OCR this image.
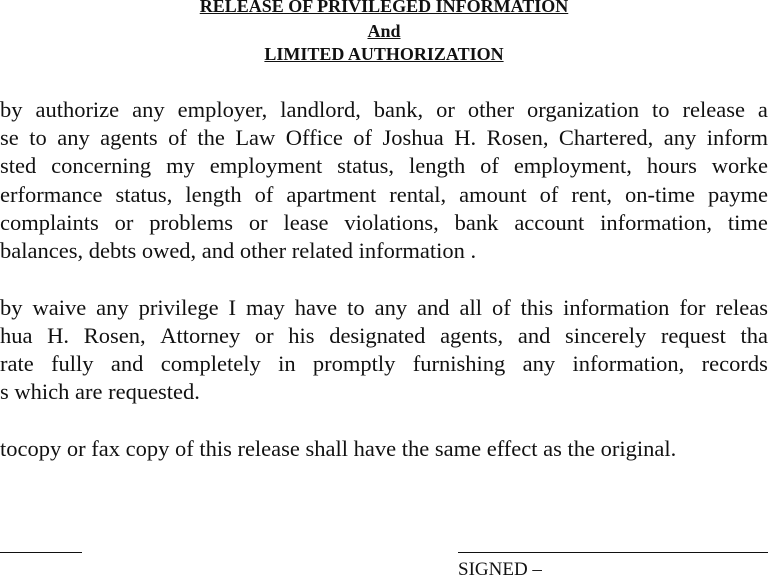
RELEASE OF PRIVILEGED INFORMATION
And
LIMITED AUTHORIZATION
by authorize any employer, landlord, bank, or other organization to release a
se to any agents of the Law Office of Joshua H. Rosen, Chartered, any inform
sted concerning my employment status, length of employment, hours worke
erformance status, length of apartment rental, amount of rent, on-time payme
complaints or problems or lease violations, bank account information, time
balances, debts owed, and other related information .
by waive any privilege I may have to any and all of this information for releas
hua H. Rosen, Attorney or his designated agents, and sincerely request tha
rate fully and completely in promptly furnishing any information, records
s which are requested.
tocopy or fax copy of this release shall have the same effect as the original.
SIGNED –
